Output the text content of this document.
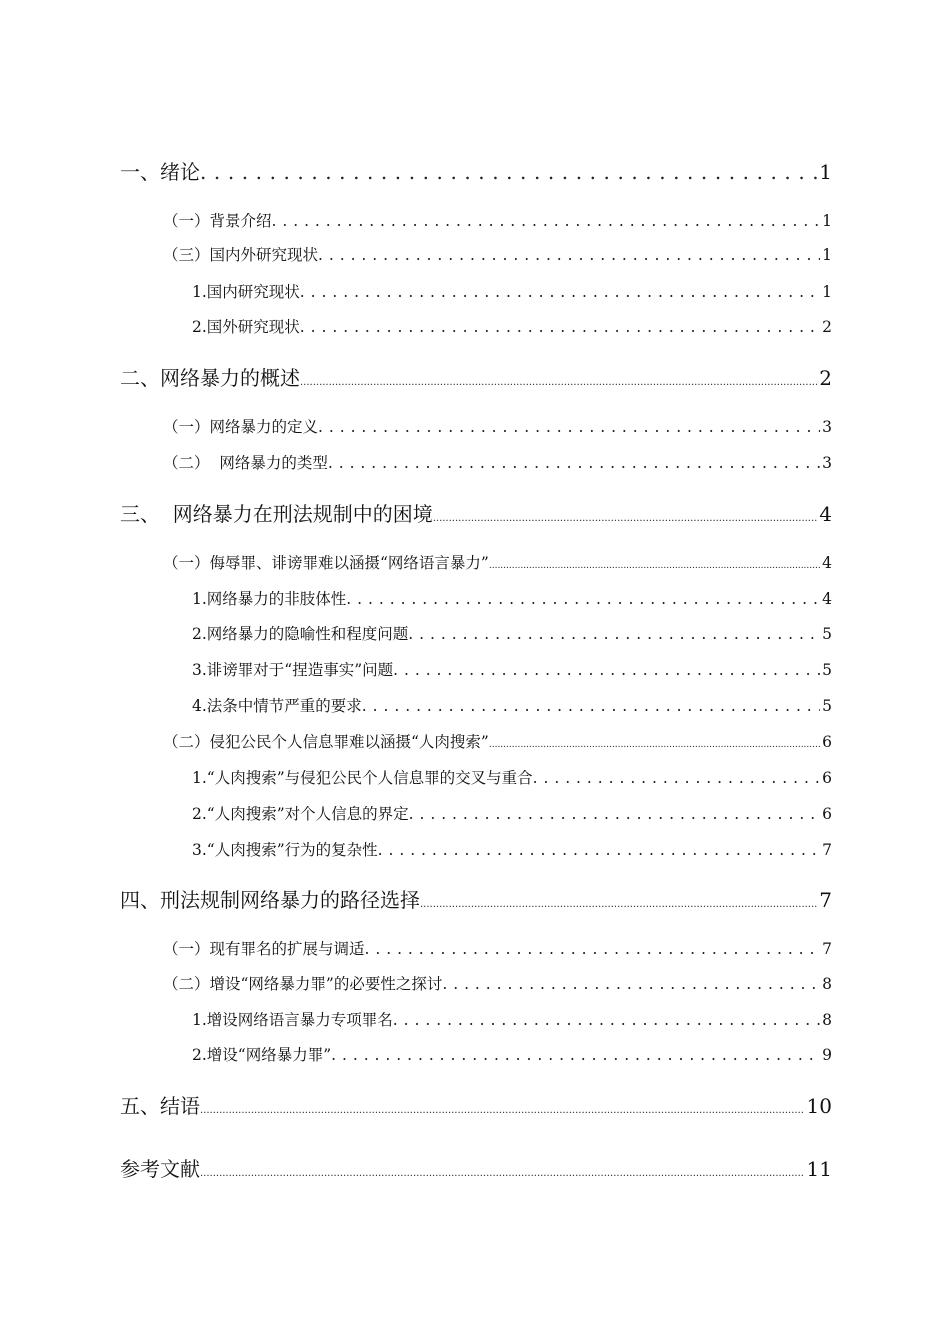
一、绪论 . . .	1
（一）背景介绍 . . .	1
（三）国内外研究现状 . . .	1
1.国内研究现状 . . .	1
2.国外研究现状 . . .	2
二、网络暴力的概述 .....	2
（一）网络暴力的定义 . . .	3
（二）  网络暴力的类型 . . .	3
三、  网络暴力在刑法规制中的困境 .....	4
（一）侮辱罪、诽谤罪难以涵摄“网络语言暴力” .....	4
1.网络暴力的非肢体性 . . .	4
2.网络暴力的隐喻性和程度问题 . . .	5
3.诽谤罪对于“捏造事实”问题 . . .	5
4.法条中情节严重的要求 . . .	5
（二）侵犯公民个人信息罪难以涵摄“人肉搜索” .....	6
1.“人肉搜索”与侵犯公民个人信息罪的交叉与重合 . . .	6
2.“人肉搜索”对个人信息的界定 . . .	6
3.“人肉搜索”行为的复杂性 . . .	7
四、刑法规制网络暴力的路径选择 .....	7
（一）现有罪名的扩展与调适 . . .	7
（二）增设“网络暴力罪”的必要性之探讨 . . .	8
1.增设网络语言暴力专项罪名 . . .	8
2.增设“网络暴力罪” . . .	9
五、结语 .....	10
参考文献 .....	11
